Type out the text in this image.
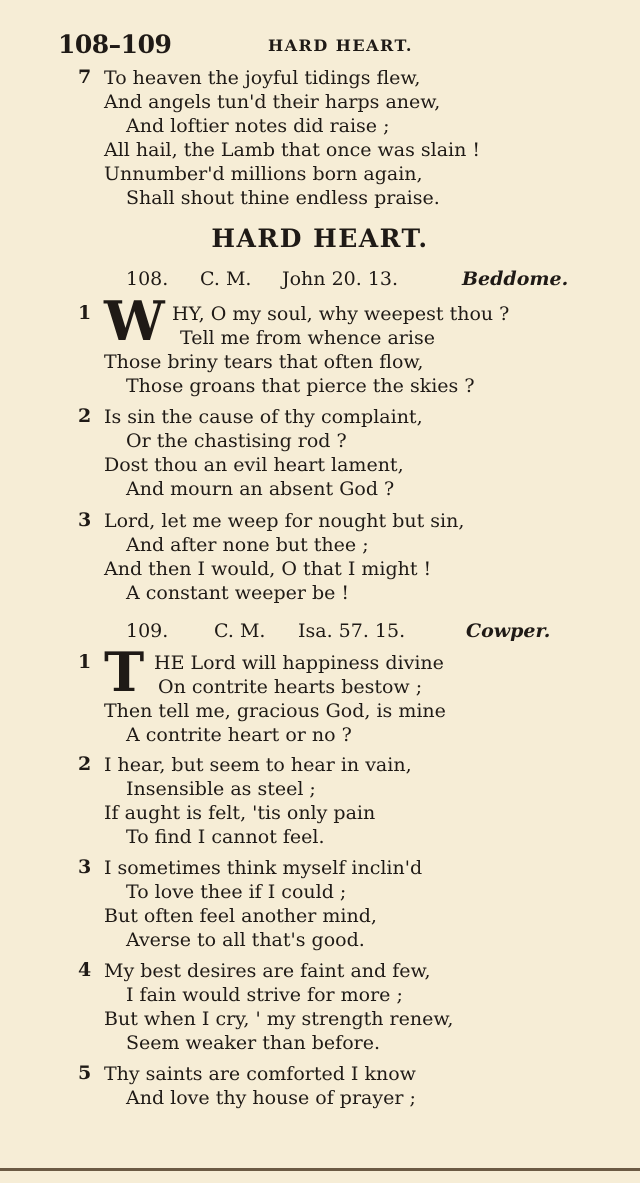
108–109	HARD HEART.
7 To heaven the joyful tidings flew,
And angels tun'd their harps anew,
And loftier notes did raise ;
All hail, the Lamb that once was slain !
Unnumber'd millions born again,
Shall shout thine endless praise.
HARD HEART.
108. C. M. John 20. 13.	Beddome.
1 W HY, O my soul, why weepest thou ?
Tell me from whence arise
Those briny tears that often flow,
Those groans that pierce the skies ?
2 Is sin the cause of thy complaint,
Or the chastising rod ?
Dost thou an evil heart lament,
And mourn an absent God ?
3 Lord, let me weep for nought but sin,
And after none but thee ;
And then I would, O that I might !
A constant weeper be !
109. C. M. Isa. 57. 15.	Cowper.
1 T HE Lord will happiness divine
On contrite hearts bestow ;
Then tell me, gracious God, is mine
A contrite heart or no ?
2 I hear, but seem to hear in vain,
Insensible as steel ;
If aught is felt, 'tis only pain
To find I cannot feel.
3 I sometimes think myself inclin'd
To love thee if I could ;
But often feel another mind,
Averse to all that's good.
4 My best desires are faint and few,
I fain would strive for more ;
But when I cry, ' my strength renew,
Seem weaker than before.
5 Thy saints are comforted I know
And love thy house of prayer ;
